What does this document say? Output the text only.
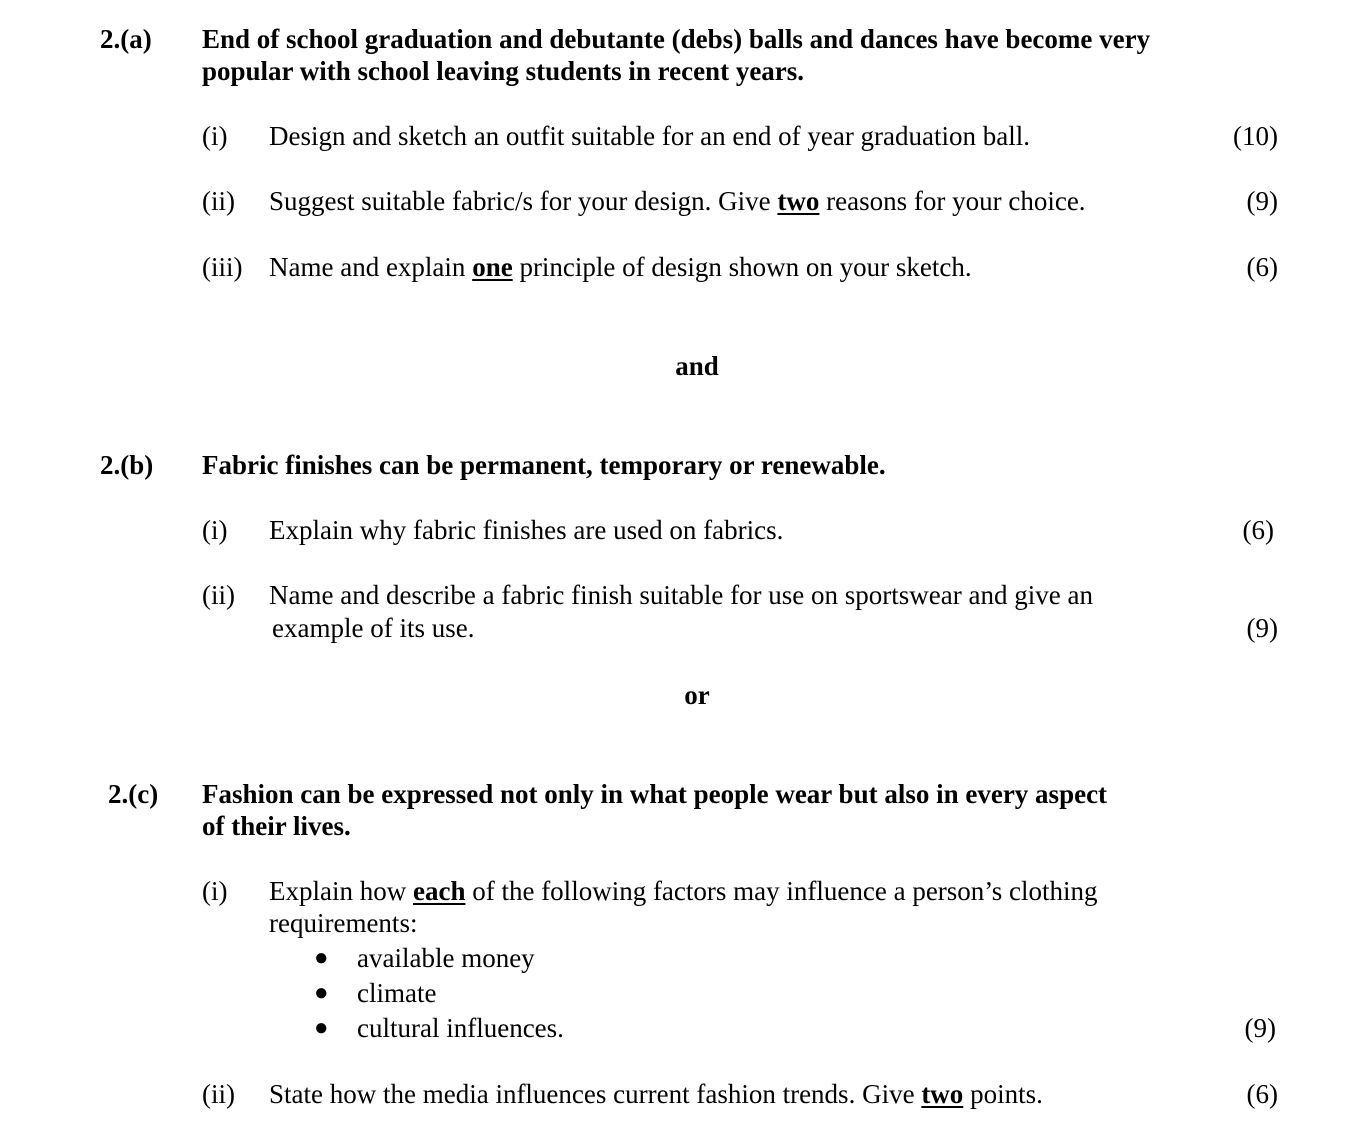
2.(a) End of school graduation and debutante (debs) balls and dances have become very
popular with school leaving students in recent years.
(i) Design and sketch an outfit suitable for an end of year graduation ball.	(10)
(ii) Suggest suitable fabric/s for your design. Give two reasons for your choice.	(9)
(iii) Name and explain one principle of design shown on your sketch.	(6)
and
2.(b) Fabric finishes can be permanent, temporary or renewable.
(i) Explain why fabric finishes are used on fabrics.	(6)
(ii) Name and describe a fabric finish suitable for use on sportswear and give an
example of its use.	(9)
or
2.(c) Fashion can be expressed not only in what people wear but also in every aspect
of their lives.
(i) Explain how each of the following factors may influence a person’s clothing
requirements:
● available money
● climate
● cultural influences.	(9)
(ii) State how the media influences current fashion trends. Give two points.	(6)
